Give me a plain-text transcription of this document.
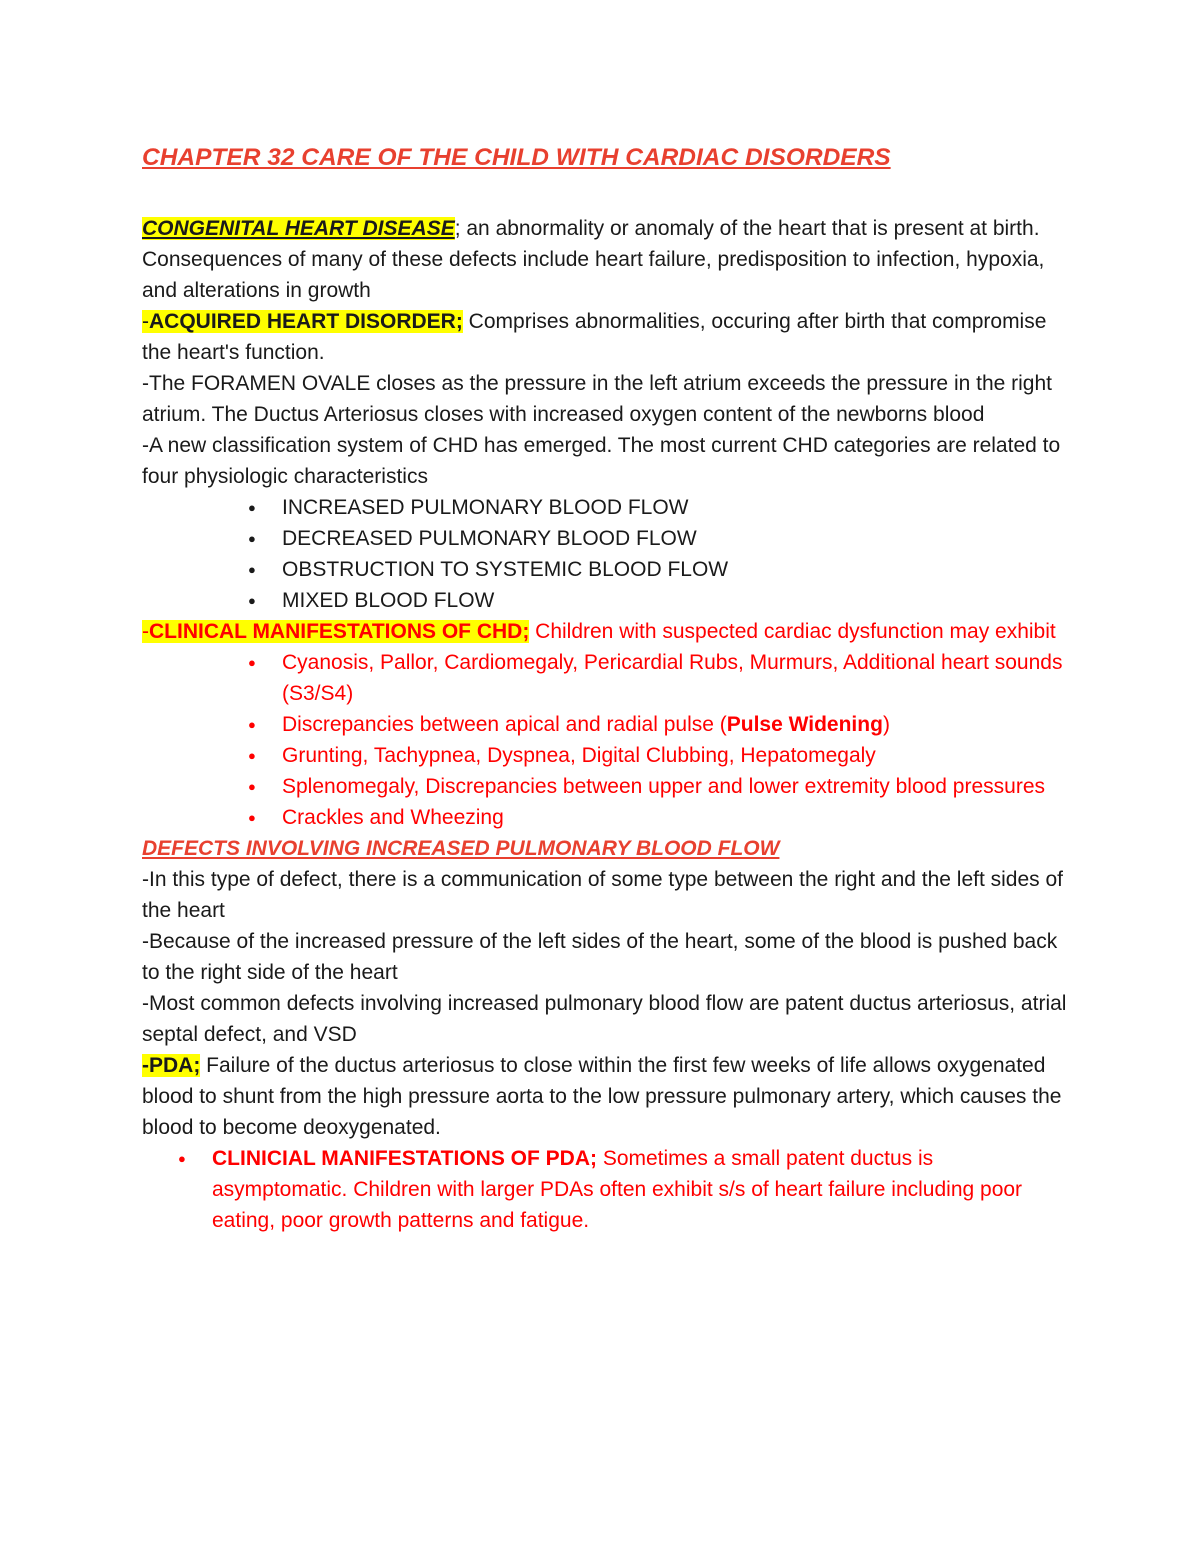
CHAPTER 32 CARE OF THE CHILD WITH CARDIAC DISORDERS

CONGENITAL HEART DISEASE; an abnormality or anomaly of the heart that is present at birth. Consequences of many of these defects include heart failure, predisposition to infection, hypoxia, and alterations in growth

-ACQUIRED HEART DISORDER; Comprises abnormalities, occuring after birth that compromise the heart's function.

-The FORAMEN OVALE closes as the pressure in the left atrium exceeds the pressure in the right atrium. The Ductus Arteriosus closes with increased oxygen content of the newborns blood

-A new classification system of CHD has emerged. The most current CHD categories are related to four physiologic characteristics

● INCREASED PULMONARY BLOOD FLOW
● DECREASED PULMONARY BLOOD FLOW
● OBSTRUCTION TO SYSTEMIC BLOOD FLOW
● MIXED BLOOD FLOW

-CLINICAL MANIFESTATIONS OF CHD; Children with suspected cardiac dysfunction may exhibit

● Cyanosis, Pallor, Cardiomegaly, Pericardial Rubs, Murmurs, Additional heart sounds (S3/S4)
● Discrepancies between apical and radial pulse (Pulse Widening)
● Grunting, Tachypnea, Dyspnea, Digital Clubbing, Hepatomegaly
● Splenomegaly, Discrepancies between upper and lower extremity blood pressures
● Crackles and Wheezing

DEFECTS INVOLVING INCREASED PULMONARY BLOOD FLOW

-In this type of defect, there is a communication of some type between the right and the left sides of the heart

-Because of the increased pressure of the left sides of the heart, some of the blood is pushed back to the right side of the heart

-Most common defects involving increased pulmonary blood flow are patent ductus arteriosus, atrial septal defect, and VSD

-PDA; Failure of the ductus arteriosus to close within the first few weeks of life allows oxygenated blood to shunt from the high pressure aorta to the low pressure pulmonary artery, which causes the blood to become deoxygenated.

● CLINICIAL MANIFESTATIONS OF PDA; Sometimes a small patent ductus is asymptomatic. Children with larger PDAs often exhibit s/s of heart failure including poor eating, poor growth patterns and fatigue.
